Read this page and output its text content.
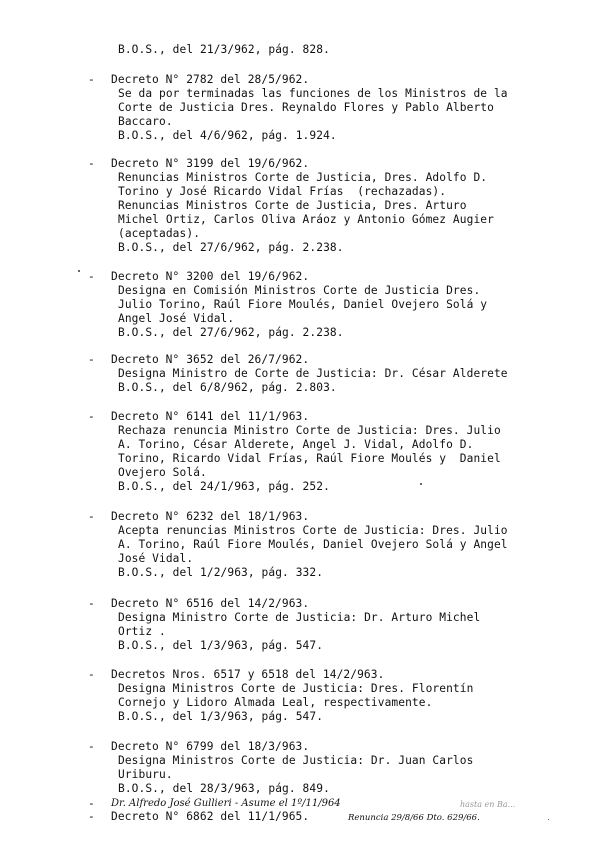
B.O.S., del 21/3/962, pág. 828.
- Decreto N° 2782 del 28/5/962.
Se da por terminadas las funciones de los Ministros de la
Corte de Justicia Dres. Reynaldo Flores y Pablo Alberto
Baccaro.
B.O.S., del 4/6/962, pág. 1.924.
- Decreto N° 3199 del 19/6/962.
Renuncias Ministros Corte de Justicia, Dres. Adolfo D.
Torino y José Ricardo Vidal Frías  (rechazadas).
Renuncias Ministros Corte de Justicia, Dres. Arturo
Michel Ortiz, Carlos Oliva Aráoz y Antonio Gómez Augier
(aceptadas).
B.O.S., del 27/6/962, pág. 2.238.
- Decreto N° 3200 del 19/6/962.
Designa en Comisión Ministros Corte de Justicia Dres.
Julio Torino, Raúl Fiore Moulés, Daniel Ovejero Solá y
Angel José Vidal.
B.O.S., del 27/6/962, pág. 2.238.
- Decreto N° 3652 del 26/7/962.
Designa Ministro de Corte de Justicia: Dr. César Alderete
B.O.S., del 6/8/962, pág. 2.803.
- Decreto N° 6141 del 11/1/963.
Rechaza renuncia Ministro Corte de Justicia: Dres. Julio
A. Torino, César Alderete, Angel J. Vidal, Adolfo D.
Torino, Ricardo Vidal Frías, Raúl Fiore Moulés y  Daniel
Ovejero Solá.
B.O.S., del 24/1/963, pág. 252.
- Decreto N° 6232 del 18/1/963.
Acepta renuncias Ministros Corte de Justicia: Dres. Julio
A. Torino, Raúl Fiore Moulés, Daniel Ovejero Solá y Angel
José Vidal.
B.O.S., del 1/2/963, pág. 332.
- Decreto N° 6516 del 14/2/963.
Designa Ministro Corte de Justicia: Dr. Arturo Michel
Ortiz .
B.O.S., del 1/3/963, pág. 547.
- Decretos Nros. 6517 y 6518 del 14/2/963.
Designa Ministros Corte de Justicia: Dres. Florentín
Cornejo y Lidoro Almada Leal, respectivamente.
B.O.S., del 1/3/963, pág. 547.
- Decreto N° 6799 del 18/3/963.
Designa Ministros Corte de Justicia: Dr. Juan Carlos
Uriburu.
B.O.S., del 28/3/963, pág. 849.
- Dr. Alfredo José Gullieri - Asume el 1º/11/964	hasta en Ba...
- Decreto N° 6862 del 11/1/965.	Renuncia 29/8/66 Dto. 629/66.
